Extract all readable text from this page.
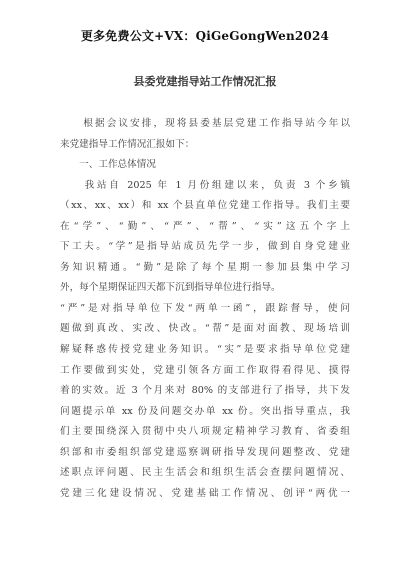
更多免费公文+VX：QiGeGongWen2024
县委党建指导站工作情况汇报
　　根据会议安排，现将县委基层党建工作指导站今年以
来党建指导工作情况汇报如下：
　　一、工作总体情况
　　我站自 2025 年 1 月份组建以来，负责 3 个乡镇
（xx、xx、xx）和 xx 个县直单位党建工作指导。我们主要
在“学”、“勤”、“严”、“帮”、“实”这五个字上
下工夫。“学”是指导站成员先学一步，做到自身党建业
务知识精通。“勤”是除了每个星期一参加县集中学习
外，每个星期保证四天都下沉到指导单位进行指导。
“严”是对指导单位下发“两单一函”，跟踪督导，使问
题做到真改、实改、快改。“帮”是面对面教、现场培训
解疑释惑传授党建业务知识。“实”是要求指导单位党建
工作要做到实处，党建引领各方面工作取得看得见、摸得
着的实效。近 3 个月来对 80% 的支部进行了指导，共下发
问题提示单 xx 份及问题交办单 xx 份。突出指导重点，我
们主要围绕深入贯彻中央八项规定精神学习教育、省委组
织部和市委组织部党建巡察调研指导发现问题整改、党建
述职点评问题、民主生活会和组织生活会查摆问题情况、
党建三化建设情况、党建基础工作情况、创评“两优一
